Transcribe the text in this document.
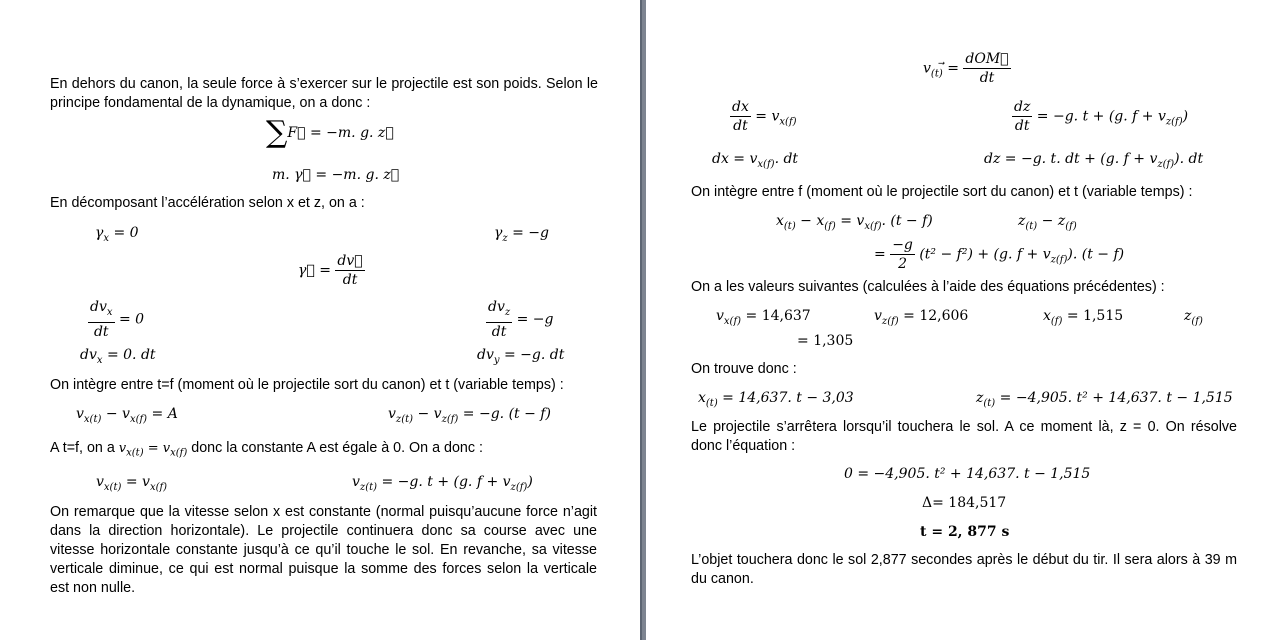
En dehors du canon, la seule force à s’exercer sur le projectile est son poids. Selon le principe fondamental de la dynamique, on a donc :
∑F⃗ = −m. g. z⃗
m. γ⃗ = −m. g. z⃗
En décomposant l’accélération selon x et z, on a :
$\gamma_x = 0$	$\gamma_z = -g$
γ⃗ = $\frac{dv⃗}{dt}$
$\frac{dv_x}{dt} = 0$	$\frac{dv_z}{dt} = -g$
$dv_x = 0$. dt	$dv_y = -g$. dt
On intègre entre t=f (moment où le projectile sort du canon) et t (variable temps) :
$v_{x(t)} - v_{x(f)} = A$	$v_{z(t)} - v_{z(f)} = -g$. (t − f)
A t=f, on a $v_{x(t)} = v_{x(f)}$ donc la constante A est égale à 0. On a donc :
$v_{x(t)} = v_{x(f)}$	$v_{z(t)} = -g$. t + (g. $f + v_{z(f)}$)
On remarque que la vitesse selon x est constante (normal puisqu’aucune force n’agit dans la direction horizontale). Le projectile continuera donc sa course avec une vitesse horizontale constante jusqu’à ce qu’il touche le sol. En revanche, sa vitesse verticale diminue, ce qui est normal puisque la somme des forces selon la verticale est non nulle.
$v_{(t)}⃗ = \frac{\text{dOM⃗}}{dt}$
$\frac{dx}{dt} = v_{x(f)}$	$\frac{dz}{dt} = -g$. t + (g. $f + v_{z(f)}$)
dx = $v_{x(f)}$. dt	dz = −g. t. dt + (g. $f + v_{z(f)}$). dt
On intègre entre f (moment où le projectile sort du canon) et t (variable temps) :
$x_{(t)} - x_{(f)} = v_{x(f)}$. (t − f)	$z_{(t)} - z_{(f)}$
= $\frac{-g}{2} (t^2 - f^2) + (g$. $f + v_{z(f)}$). (t − f)
On a les valeurs suivantes (calculées à l’aide des équations précédentes) :
$v_{x(f)} = 14,637$	$v_{z(f)} = 12,606$	$x_{(f)} = 1,515$	$z_{(f)}$
= 1,305
On trouve donc :
$x_{(t)} = 14,637$. t − 3,03	$z_{(t)} = -4,905$. t² + 14,637. t − 1,515
Le projectile s’arrêtera lorsqu’il touchera le sol. A ce moment là, z = 0. On résolve donc l’équation :
0 = −4,905. t² + 14,637. t − 1,515
Δ= 184,517
t = 2, 877 s
L’objet touchera donc le sol 2,877 secondes après le début du tir. Il sera alors à 39 m du canon.
